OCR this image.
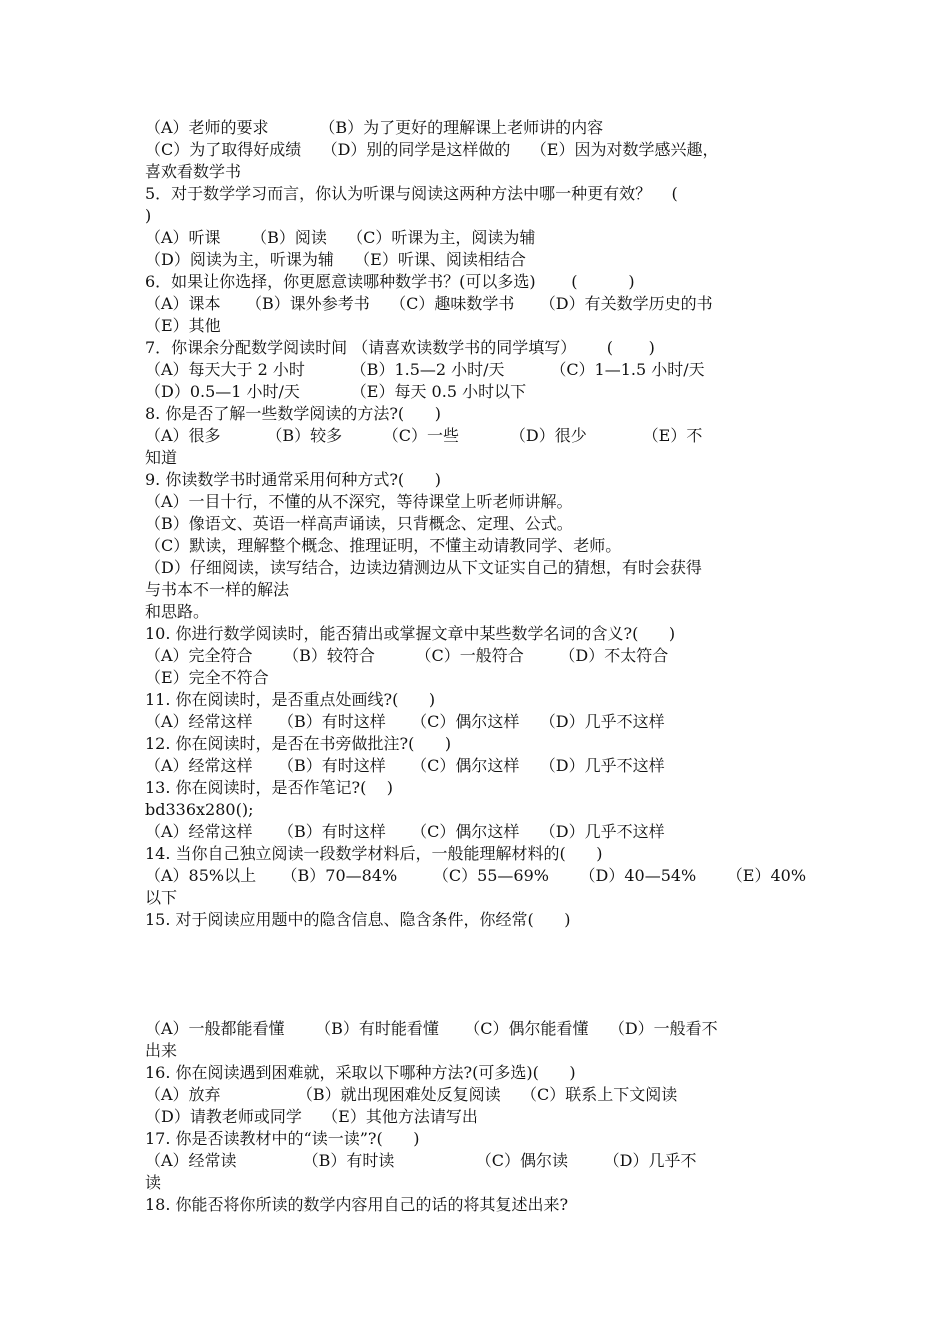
（A）老师的要求          （B）为了更好的理解课上老师讲的内容
（C）为了取得好成绩    （D）别的同学是这样做的    （E）因为对数学感兴趣，
喜欢看数学书
5．对于数学学习而言，你认为听课与阅读这两种方法中哪一种更有效？    (
)
（A）听课      （B）阅读    （C）听课为主，阅读为辅
（D）阅读为主，听课为辅    （E）听课、阅读相结合
6．如果让你选择，你更愿意读哪种数学书？(可以多选)       (          )
（A）课本     （B）课外参考书    （C）趣味数学书     （D）有关数学历史的书
（E）其他
7．你课余分配数学阅读时间 （请喜欢读数学书的同学填写）      (       )
（A）每天大于 2 小时         （B）1.5—2 小时/天         （C）1—1.5 小时/天
（D）0.5—1 小时/天          （E）每天 0.5 小时以下
8. 你是否了解一些数学阅读的方法?(      )
（A）很多         （B）较多        （C）一些          （D）很少           （E）不
知道
9. 你读数学书时通常采用何种方式?(      )
（A）一目十行，不懂的从不深究，等待课堂上听老师讲解。
（B）像语文、英语一样高声诵读，只背概念、定理、公式。
（C）默读，理解整个概念、推理证明，不懂主动请教同学、老师。
（D）仔细阅读，读写结合，边读边猜测边从下文证实自己的猜想，有时会获得
与书本不一样的解法
和思路。
10. 你进行数学阅读时，能否猜出或掌握文章中某些数学名词的含义?(      )
（A）完全符合      （B）较符合        （C）一般符合       （D）不太符合
（E）完全不符合
11. 你在阅读时，是否重点处画线?(      )
（A）经常这样     （B）有时这样     （C）偶尔这样    （D）几乎不这样
12. 你在阅读时，是否在书旁做批注?(      )
（A）经常这样     （B）有时这样     （C）偶尔这样    （D）几乎不这样
13. 你在阅读时，是否作笔记?(    )
bd336x280();
（A）经常这样     （B）有时这样     （C）偶尔这样    （D）几乎不这样
14. 当你自己独立阅读一段数学材料后，一般能理解材料的(      )
（A）85%以上     （B）70—84%       （C）55—69%      （D）40—54%      （E）40%
以下
15. 对于阅读应用题中的隐含信息、隐含条件，你经常(      )
（A）一般都能看懂      （B）有时能看懂     （C）偶尔能看懂    （D）一般看不
出来
16. 你在阅读遇到困难就，采取以下哪种方法?(可多选)(      )
（A）放弃               （B）就出现困难处反复阅读    （C）联系上下文阅读
（D）请教老师或同学    （E）其他方法请写出
17. 你是否读教材中的“读一读”?(      )
（A）经常读             （B）有时读                （C）偶尔读       （D）几乎不
读
18. 你能否将你所读的数学内容用自己的话的将其复述出来?
